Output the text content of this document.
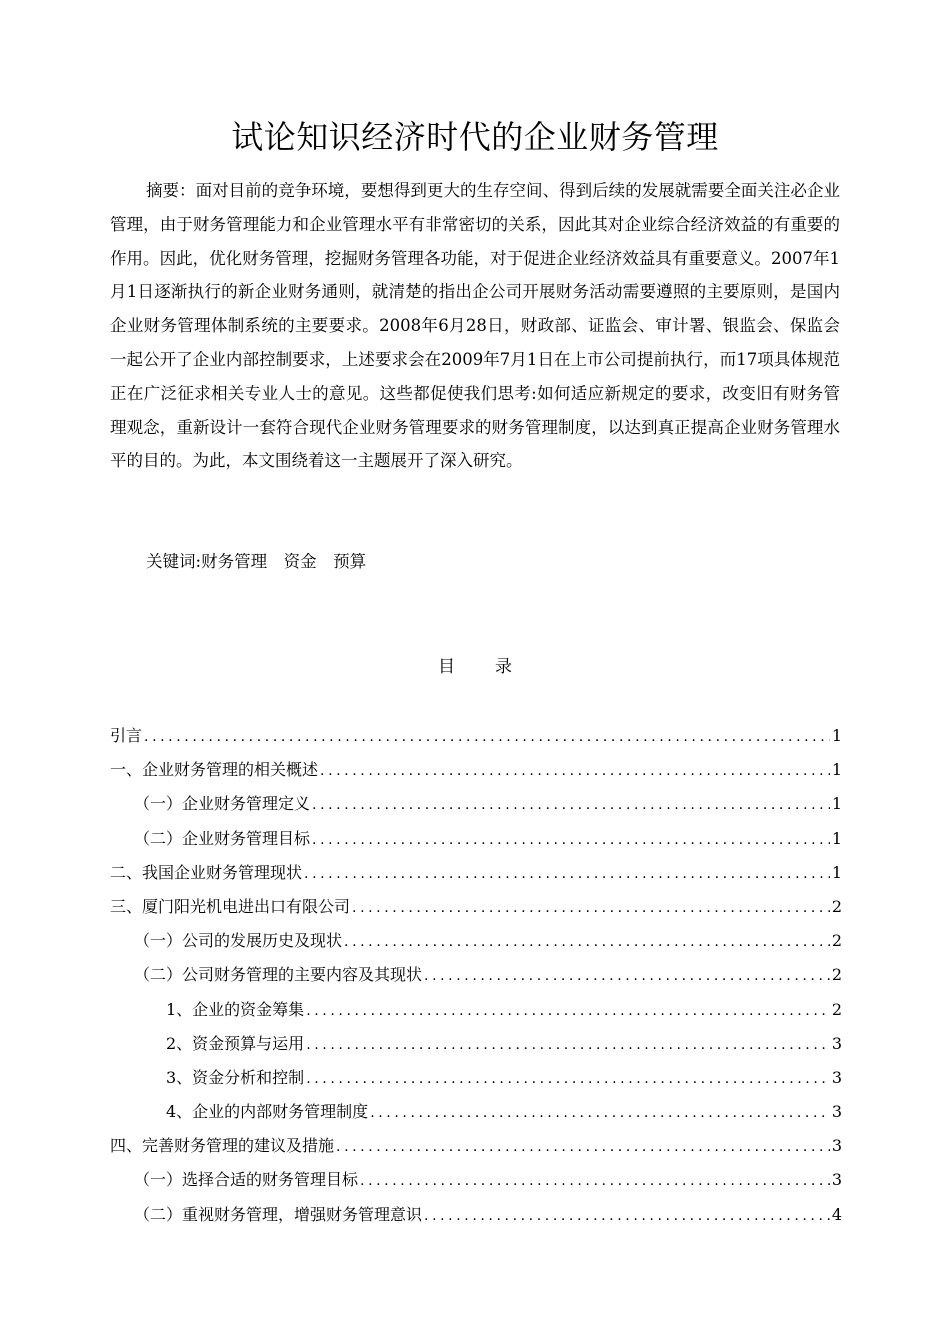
试论知识经济时代的企业财务管理

摘要：面对目前的竞争环境，要想得到更大的生存空间、得到后续的发展就需要全面关注必企业管理，由于财务管理能力和企业管理水平有非常密切的关系，因此其对企业综合经济效益的有重要的作用。因此，优化财务管理，挖掘财务管理各功能，对于促进企业经济效益具有重要意义。2007年1月1日逐渐执行的新企业财务通则，就清楚的指出企公司开展财务活动需要遵照的主要原则，是国内企业财务管理体制系统的主要要求。2008年6月28日，财政部、证监会、审计署、银监会、保监会一起公开了企业内部控制要求，上述要求会在2009年7月1日在上市公司提前执行，而17项具体规范正在广泛征求相关专业人士的意见。这些都促使我们思考:如何适应新规定的要求，改变旧有财务管理观念，重新设计一套符合现代企业财务管理要求的财务管理制度，以达到真正提高企业财务管理水平的目的。为此，本文围绕着这一主题展开了深入研究。

关键词:财务管理　资金　预算
目录
引言 .....	1
一、企业财务管理的相关概述 .....	1
（一）企业财务管理定义 .....	1
（二）企业财务管理目标 .....	1
二、我国企业财务管理现状 .....	1
三、厦门阳光机电进出口有限公司 .....	2
（一）公司的发展历史及现状 .....	2
（二）公司财务管理的主要内容及其现状 .....	2
1、企业的资金筹集 .....	2
2、资金预算与运用 .....	3
3、资金分析和控制 .....	3
4、企业的内部财务管理制度 .....	3
四、完善财务管理的建议及措施 .....	3
（一）选择合适的财务管理目标 .....	3
（二）重视财务管理，增强财务管理意识 .....	4
